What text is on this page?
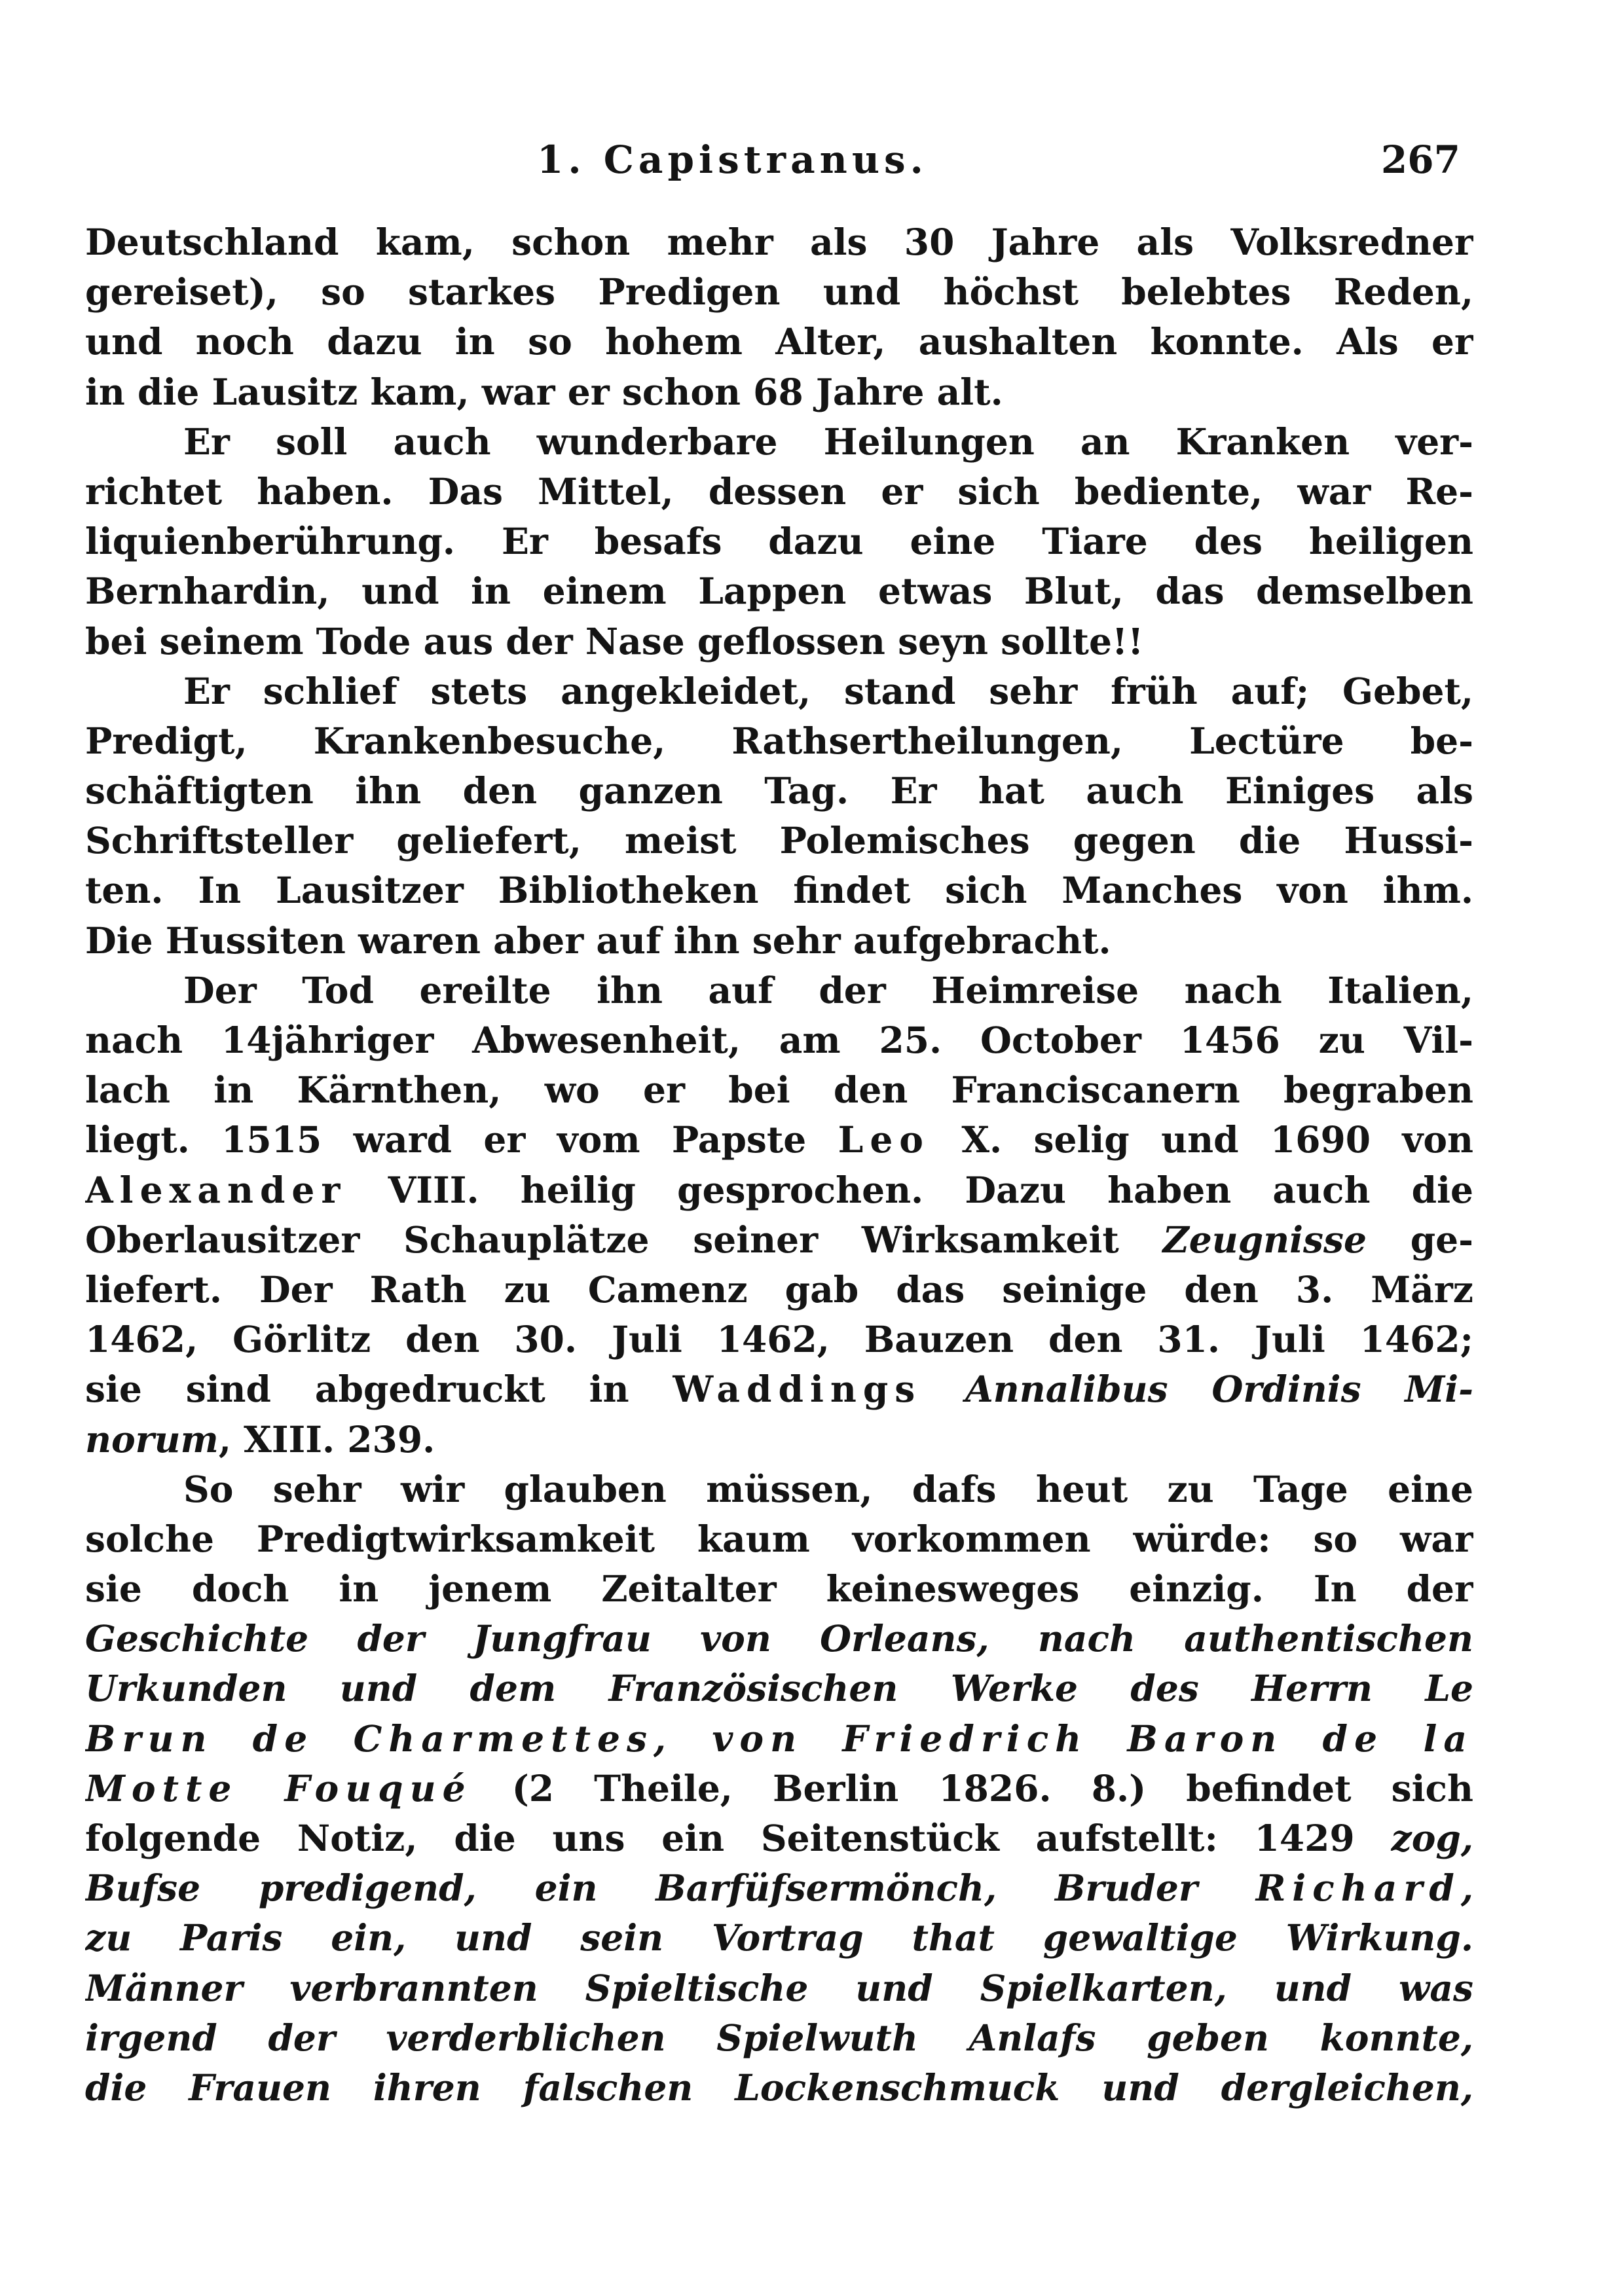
1. Capistranus.	267
Deutschland kam, schon mehr als 30 Jahre als Volksredner
gereiset), so starkes Predigen und höchst belebtes Reden,
und noch dazu in so hohem Alter, aushalten konnte. Als er
in die Lausitz kam, war er schon 68 Jahre alt.
Er soll auch wunderbare Heilungen an Kranken ver-
richtet haben. Das Mittel, dessen er sich bediente, war Re-
liquienberührung. Er besafs dazu eine Tiare des heiligen
Bernhardin, und in einem Lappen etwas Blut, das demselben
bei seinem Tode aus der Nase geflossen seyn sollte!!
Er schlief stets angekleidet, stand sehr früh auf; Gebet,
Predigt, Krankenbesuche, Rathsertheilungen, Lectüre be-
schäftigten ihn den ganzen Tag. Er hat auch Einiges als
Schriftsteller geliefert, meist Polemisches gegen die Hussi-
ten. In Lausitzer Bibliotheken findet sich Manches von ihm.
Die Hussiten waren aber auf ihn sehr aufgebracht.
Der Tod ereilte ihn auf der Heimreise nach Italien,
nach 14jähriger Abwesenheit, am 25. October 1456 zu Vil-
lach in Kärnthen, wo er bei den Franciscanern begraben
liegt. 1515 ward er vom Papste Leo X. selig und 1690 von
Alexander VIII. heilig gesprochen. Dazu haben auch die
Oberlausitzer Schauplätze seiner Wirksamkeit Zeugnisse ge-
liefert. Der Rath zu Camenz gab das seinige den 3. März
1462, Görlitz den 30. Juli 1462, Bauzen den 31. Juli 1462;
sie sind abgedruckt in Waddings Annalibus Ordinis Mi-
norum, XIII. 239.
So sehr wir glauben müssen, dafs heut zu Tage eine
solche Predigtwirksamkeit kaum vorkommen würde: so war
sie doch in jenem Zeitalter keinesweges einzig. In der
Geschichte der Jungfrau von Orleans, nach authentischen
Urkunden und dem Französischen Werke des Herrn Le
Brun de Charmettes, von Friedrich Baron de la
Motte Fouqué (2 Theile, Berlin 1826. 8.) befindet sich
folgende Notiz, die uns ein Seitenstück aufstellt: 1429 zog,
Bufse predigend, ein Barfüfsermönch, Bruder Richard,
zu Paris ein, und sein Vortrag that gewaltige Wirkung.
Männer verbrannten Spieltische und Spielkarten, und was
irgend der verderblichen Spielwuth Anlafs geben konnte,
die Frauen ihren falschen Lockenschmuck und dergleichen,
